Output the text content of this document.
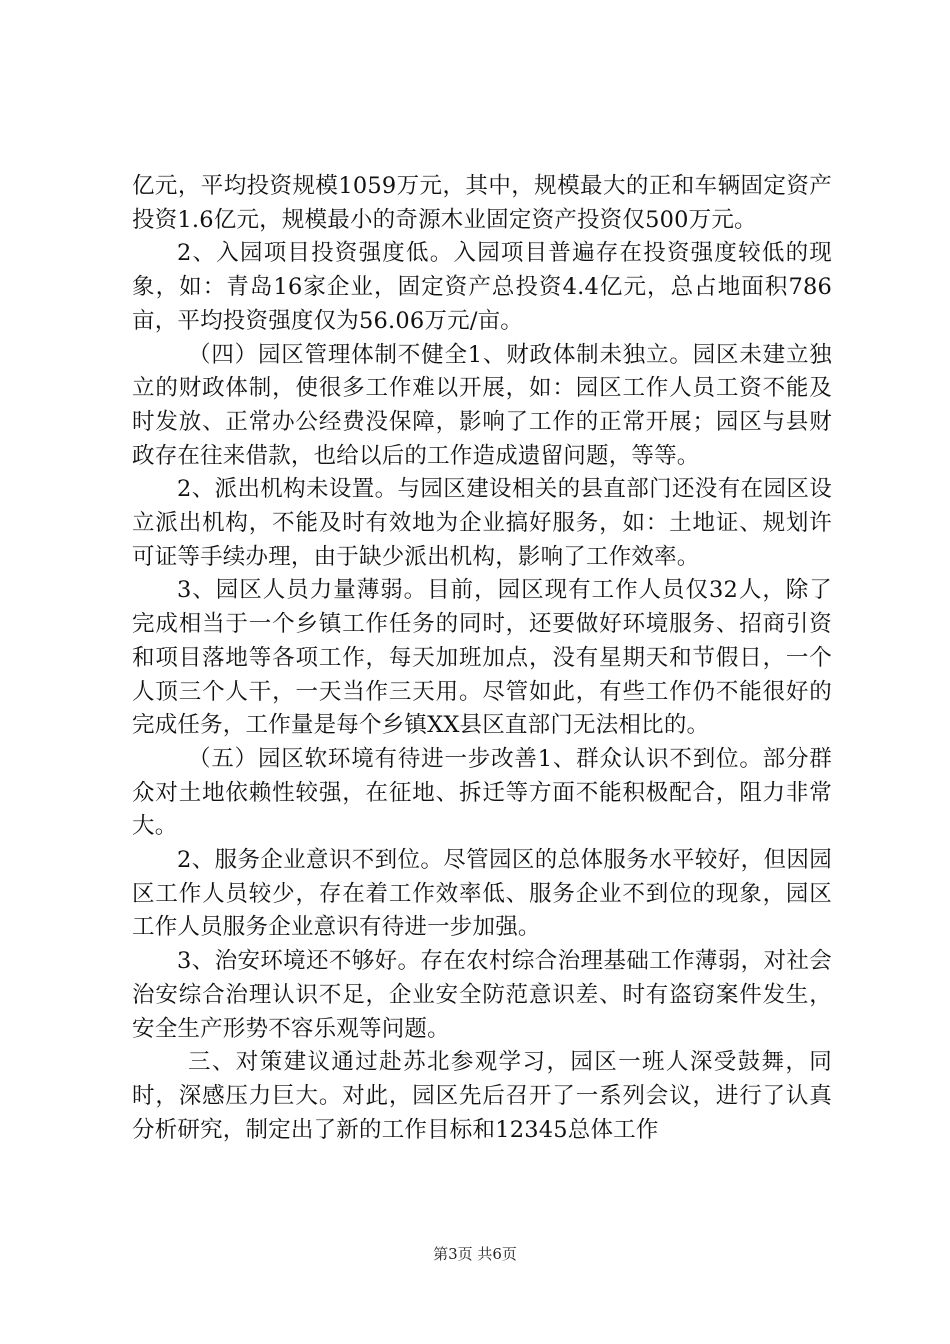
亿元，平均投资规模1059万元，其中，规模最大的正和车辆固定资产投资1.6亿元，规模最小的奇源木业固定资产投资仅500万元。

2、入园项目投资强度低。入园项目普遍存在投资强度较低的现象，如：青岛16家企业，固定资产总投资4.4亿元，总占地面积786亩，平均投资强度仅为56.06万元/亩。

（四）园区管理体制不健全1、财政体制未独立。园区未建立独立的财政体制，使很多工作难以开展，如：园区工作人员工资不能及时发放、正常办公经费没保障，影响了工作的正常开展；园区与县财政存在往来借款，也给以后的工作造成遗留问题，等等。

2、派出机构未设置。与园区建设相关的县直部门还没有在园区设立派出机构，不能及时有效地为企业搞好服务，如：土地证、规划许可证等手续办理，由于缺少派出机构，影响了工作效率。

3、园区人员力量薄弱。目前，园区现有工作人员仅32人，除了完成相当于一个乡镇工作任务的同时，还要做好环境服务、招商引资和项目落地等各项工作，每天加班加点，没有星期天和节假日，一个人顶三个人干，一天当作三天用。尽管如此，有些工作仍不能很好的完成任务，工作量是每个乡镇XX县区直部门无法相比的。

（五）园区软环境有待进一步改善1、群众认识不到位。部分群众对土地依赖性较强，在征地、拆迁等方面不能积极配合，阻力非常大。

2、服务企业意识不到位。尽管园区的总体服务水平较好，但因园区工作人员较少，存在着工作效率低、服务企业不到位的现象，园区工作人员服务企业意识有待进一步加强。

3、治安环境还不够好。存在农村综合治理基础工作薄弱，对社会治安综合治理认识不足，企业安全防范意识差、时有盗窃案件发生，安全生产形势不容乐观等问题。

三、对策建议通过赴苏北参观学习，园区一班人深受鼓舞，同时，深感压力巨大。对此，园区先后召开了一系列会议，进行了认真分析研究，制定出了新的工作目标和12345总体工作

第3页 共6页
